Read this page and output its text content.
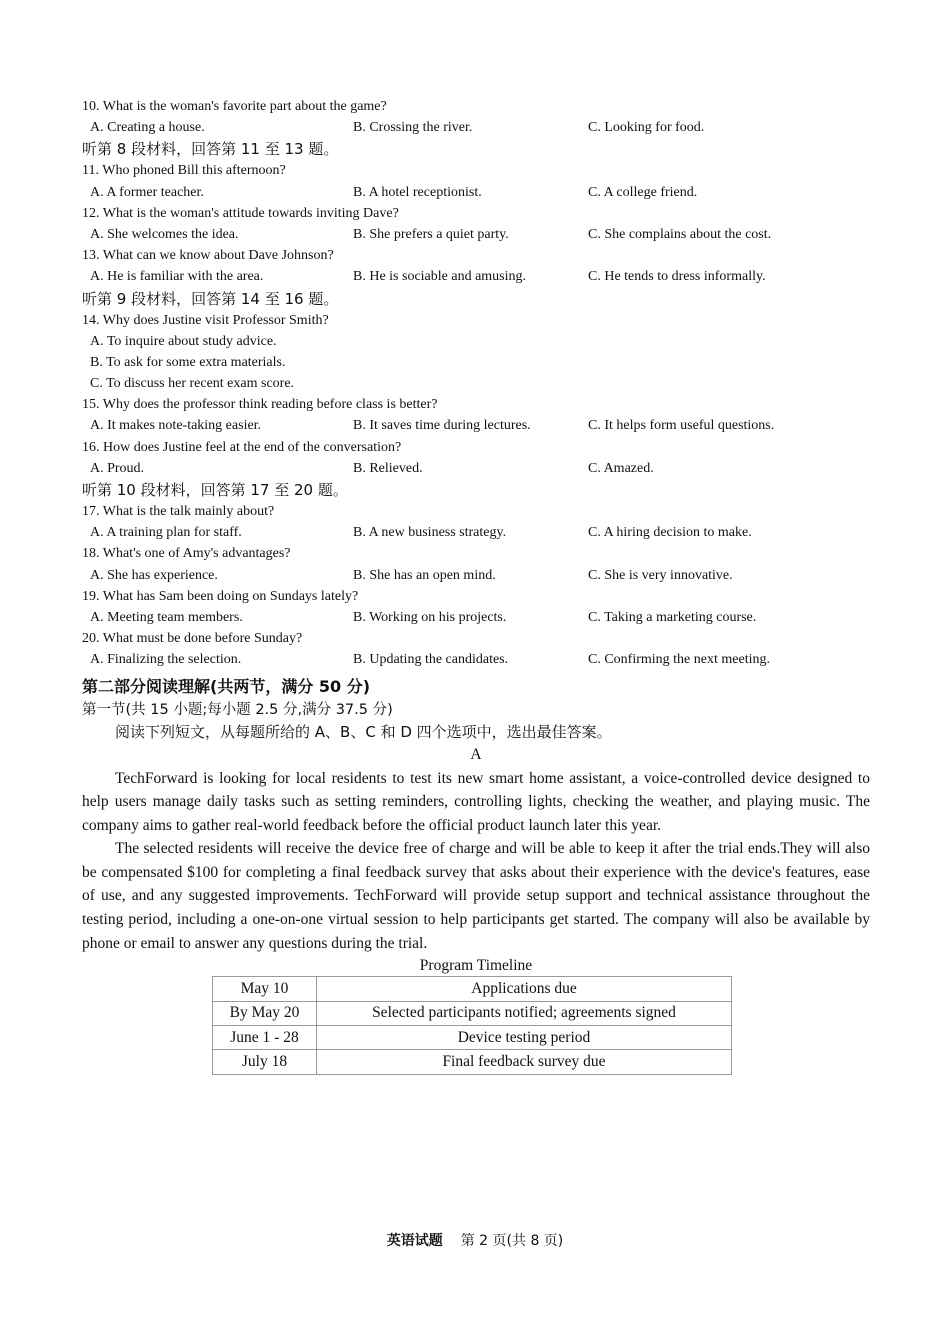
10. What is the woman's favorite part about the game?
A. Creating a house.	B. Crossing the river.	C. Looking for food.
听第 8 段材料，回答第 11 至 13 题。
11. Who phoned Bill this afternoon?
A. A former teacher.	B. A hotel receptionist.	C. A college friend.
12. What is the woman's attitude towards inviting Dave?
A. She welcomes the idea.	B. She prefers a quiet party.	C. She complains about the cost.
13. What can we know about Dave Johnson?
A. He is familiar with the area.	B. He is sociable and amusing.	C. He tends to dress informally.
听第 9 段材料，回答第 14 至 16 题。
14. Why does Justine visit Professor Smith?
A. To inquire about study advice.
B. To ask for some extra materials.
C. To discuss her recent exam score.
15. Why does the professor think reading before class is better?
A. It makes note-taking easier.	B. It saves time during lectures.	C. It helps form useful questions.
16. How does Justine feel at the end of the conversation?
A. Proud.	B. Relieved.	C. Amazed.
听第 10 段材料，回答第 17 至 20 题。
17. What is the talk mainly about?
A. A training plan for staff.	B. A new business strategy.	C. A hiring decision to make.
18. What's one of Amy's advantages?
A. She has experience.	B. She has an open mind.	C. She is very innovative.
19. What has Sam been doing on Sundays lately?
A. Meeting team members.	B. Working on his projects.	C. Taking a marketing course.
20. What must be done before Sunday?
A. Finalizing the selection.	B. Updating the candidates.	C. Confirming the next meeting.
第二部分阅读理解(共两节，满分 50 分)
第一节(共 15 小题;每小题 2.5 分,满分 37.5 分)
阅读下列短文，从每题所给的 A、B、C 和 D 四个选项中，选出最佳答案。
A

TechForward is looking for local residents to test its new smart home assistant, a voice-controlled device designed to help users manage daily tasks such as setting reminders, controlling lights, checking the weather, and playing music. The company aims to gather real-world feedback before the official product launch later this year.

The selected residents will receive the device free of charge and will be able to keep it after the trial ends.They will also be compensated $100 for completing a final feedback survey that asks about their experience with the device's features, ease of use, and any suggested improvements. TechForward will provide setup support and technical assistance throughout the testing period, including a one-on-one virtual session to help participants get started. The company will also be available by phone or email to answer any questions during the trial.

Program Timeline
May 10	Applications due
By May 20	Selected participants notified; agreements signed
June 1 - 28	Device testing period
July 18	Final feedback survey due
英语试题 第 2 页(共 8 页)
